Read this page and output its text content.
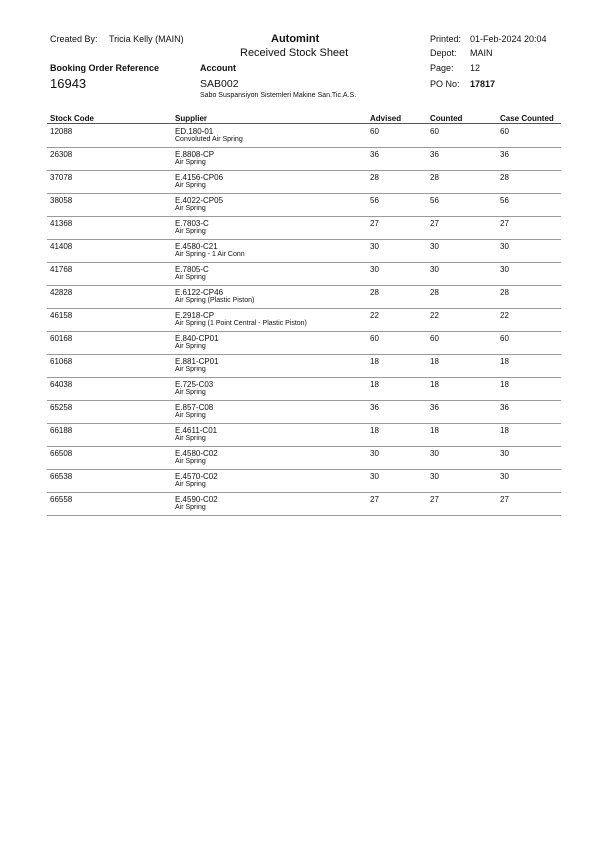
Created By: Tricia Kelly (MAIN)	Automint
Received Stock Sheet
Printed: 01-Feb-2024 20:04
Depot: MAIN
Page: 12
Booking Order Reference
16943
Account
SAB002
Sabo Suspansiyon Sistemleri Makine San.Tic.A.S.
PO No: 17817
Stock Code	Supplier	Advised	Counted	Case Counted
12088	ED.180-01	60	60	60
Convoluted Air Spring
26308	E.8808-CP	36	36	36
Air Spring
37078	E.4156-CP06	28	28	28
Air Spring
38058	E.4022-CP05	56	56	56
Air Spring
41368	E.7803-C	27	27	27
Air Spring
41408	E.4580-C21	30	30	30
Air Spring - 1 Air Conn
41768	E.7805-C	30	30	30
Air Spring
42828	E.6122-CP46	28	28	28
Air Spring (Plastic Piston)
46158	E.2918-CP	22	22	22
Air Spring (1 Point Central - Plastic Piston)
60168	E.840-CP01	60	60	60
Air Spring
61068	E.881-CP01	18	18	18
Air Spring
64038	E.725-C03	18	18	18
Air Spring
65258	E.857-C08	36	36	36
Air Spring
66188	E.4611-C01	18	18	18
Air Spring
66508	E.4580-C02	30	30	30
Air Spring
66538	E.4570-C02	30	30	30
Air Spring
66558	E.4590-C02	27	27	27
Air Spring
